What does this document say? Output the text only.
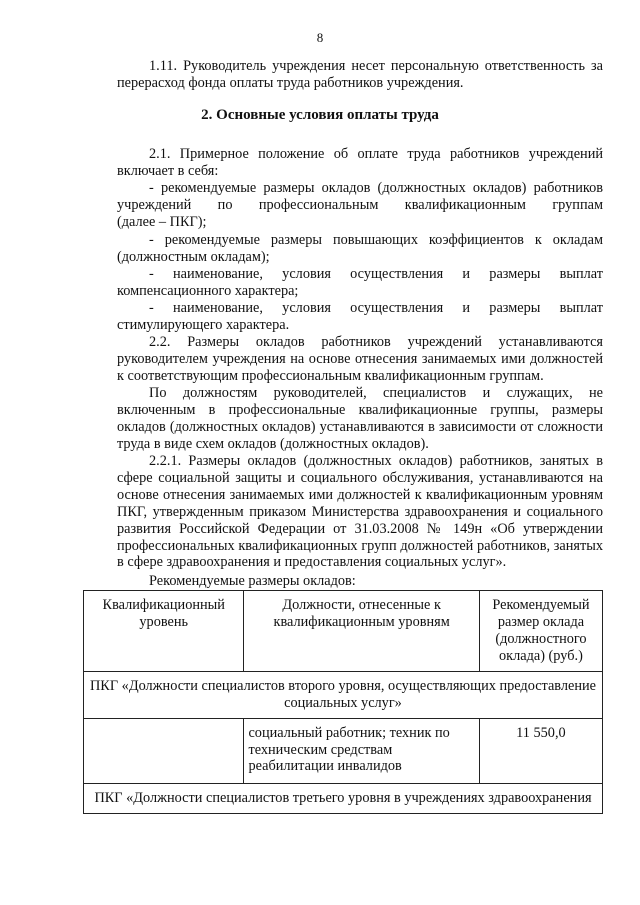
8
1.11. Руководитель учреждения несет персональную ответственность за перерасход фонда оплаты труда работников учреждения.
2. Основные условия оплаты труда
2.1. Примерное положение об оплате труда работников учреждений включает в себя:
- рекомендуемые размеры окладов (должностных окладов) работников
учреждений по профессиональным квалификационным группам
(далее – ПКГ);
- рекомендуемые размеры повышающих коэффициентов к окладам
(должностным окладам);
- наименование, условия осуществления и размеры выплат
компенсационного характера;
- наименование, условия осуществления и размеры выплат
стимулирующего характера.
2.2. Размеры окладов работников учреждений устанавливаются руководителем учреждения на основе отнесения занимаемых ими должностей к соответствующим профессиональным квалификационным группам.
По должностям руководителей, специалистов и служащих, не включенным в профессиональные квалификационные группы, размеры окладов (должностных окладов) устанавливаются в зависимости от сложности труда в виде схем окладов (должностных окладов).
2.2.1. Размеры окладов (должностных окладов) работников, занятых в сфере социальной защиты и социального обслуживания, устанавливаются на основе отнесения занимаемых ими должностей к квалификационным уровням ПКГ, утвержденным приказом Министерства здравоохранения и социального развития Российской Федерации от 31.03.2008 № 149н «Об утверждении профессиональных квалификационных групп должностей работников, занятых в сфере здравоохранения и предоставления социальных услуг».
Рекомендуемые размеры окладов:
Квалификационный уровень	Должности, отнесенные к квалификационным уровням	Рекомендуемый размер оклада (должностного оклада) (руб.)
ПКГ «Должности специалистов второго уровня, осуществляющих предоставление социальных услуг»		
	социальный работник; техник по техническим средствам реабилитации инвалидов	11 550,0
ПКГ «Должности специалистов третьего уровня в учреждениях здравоохранения		
